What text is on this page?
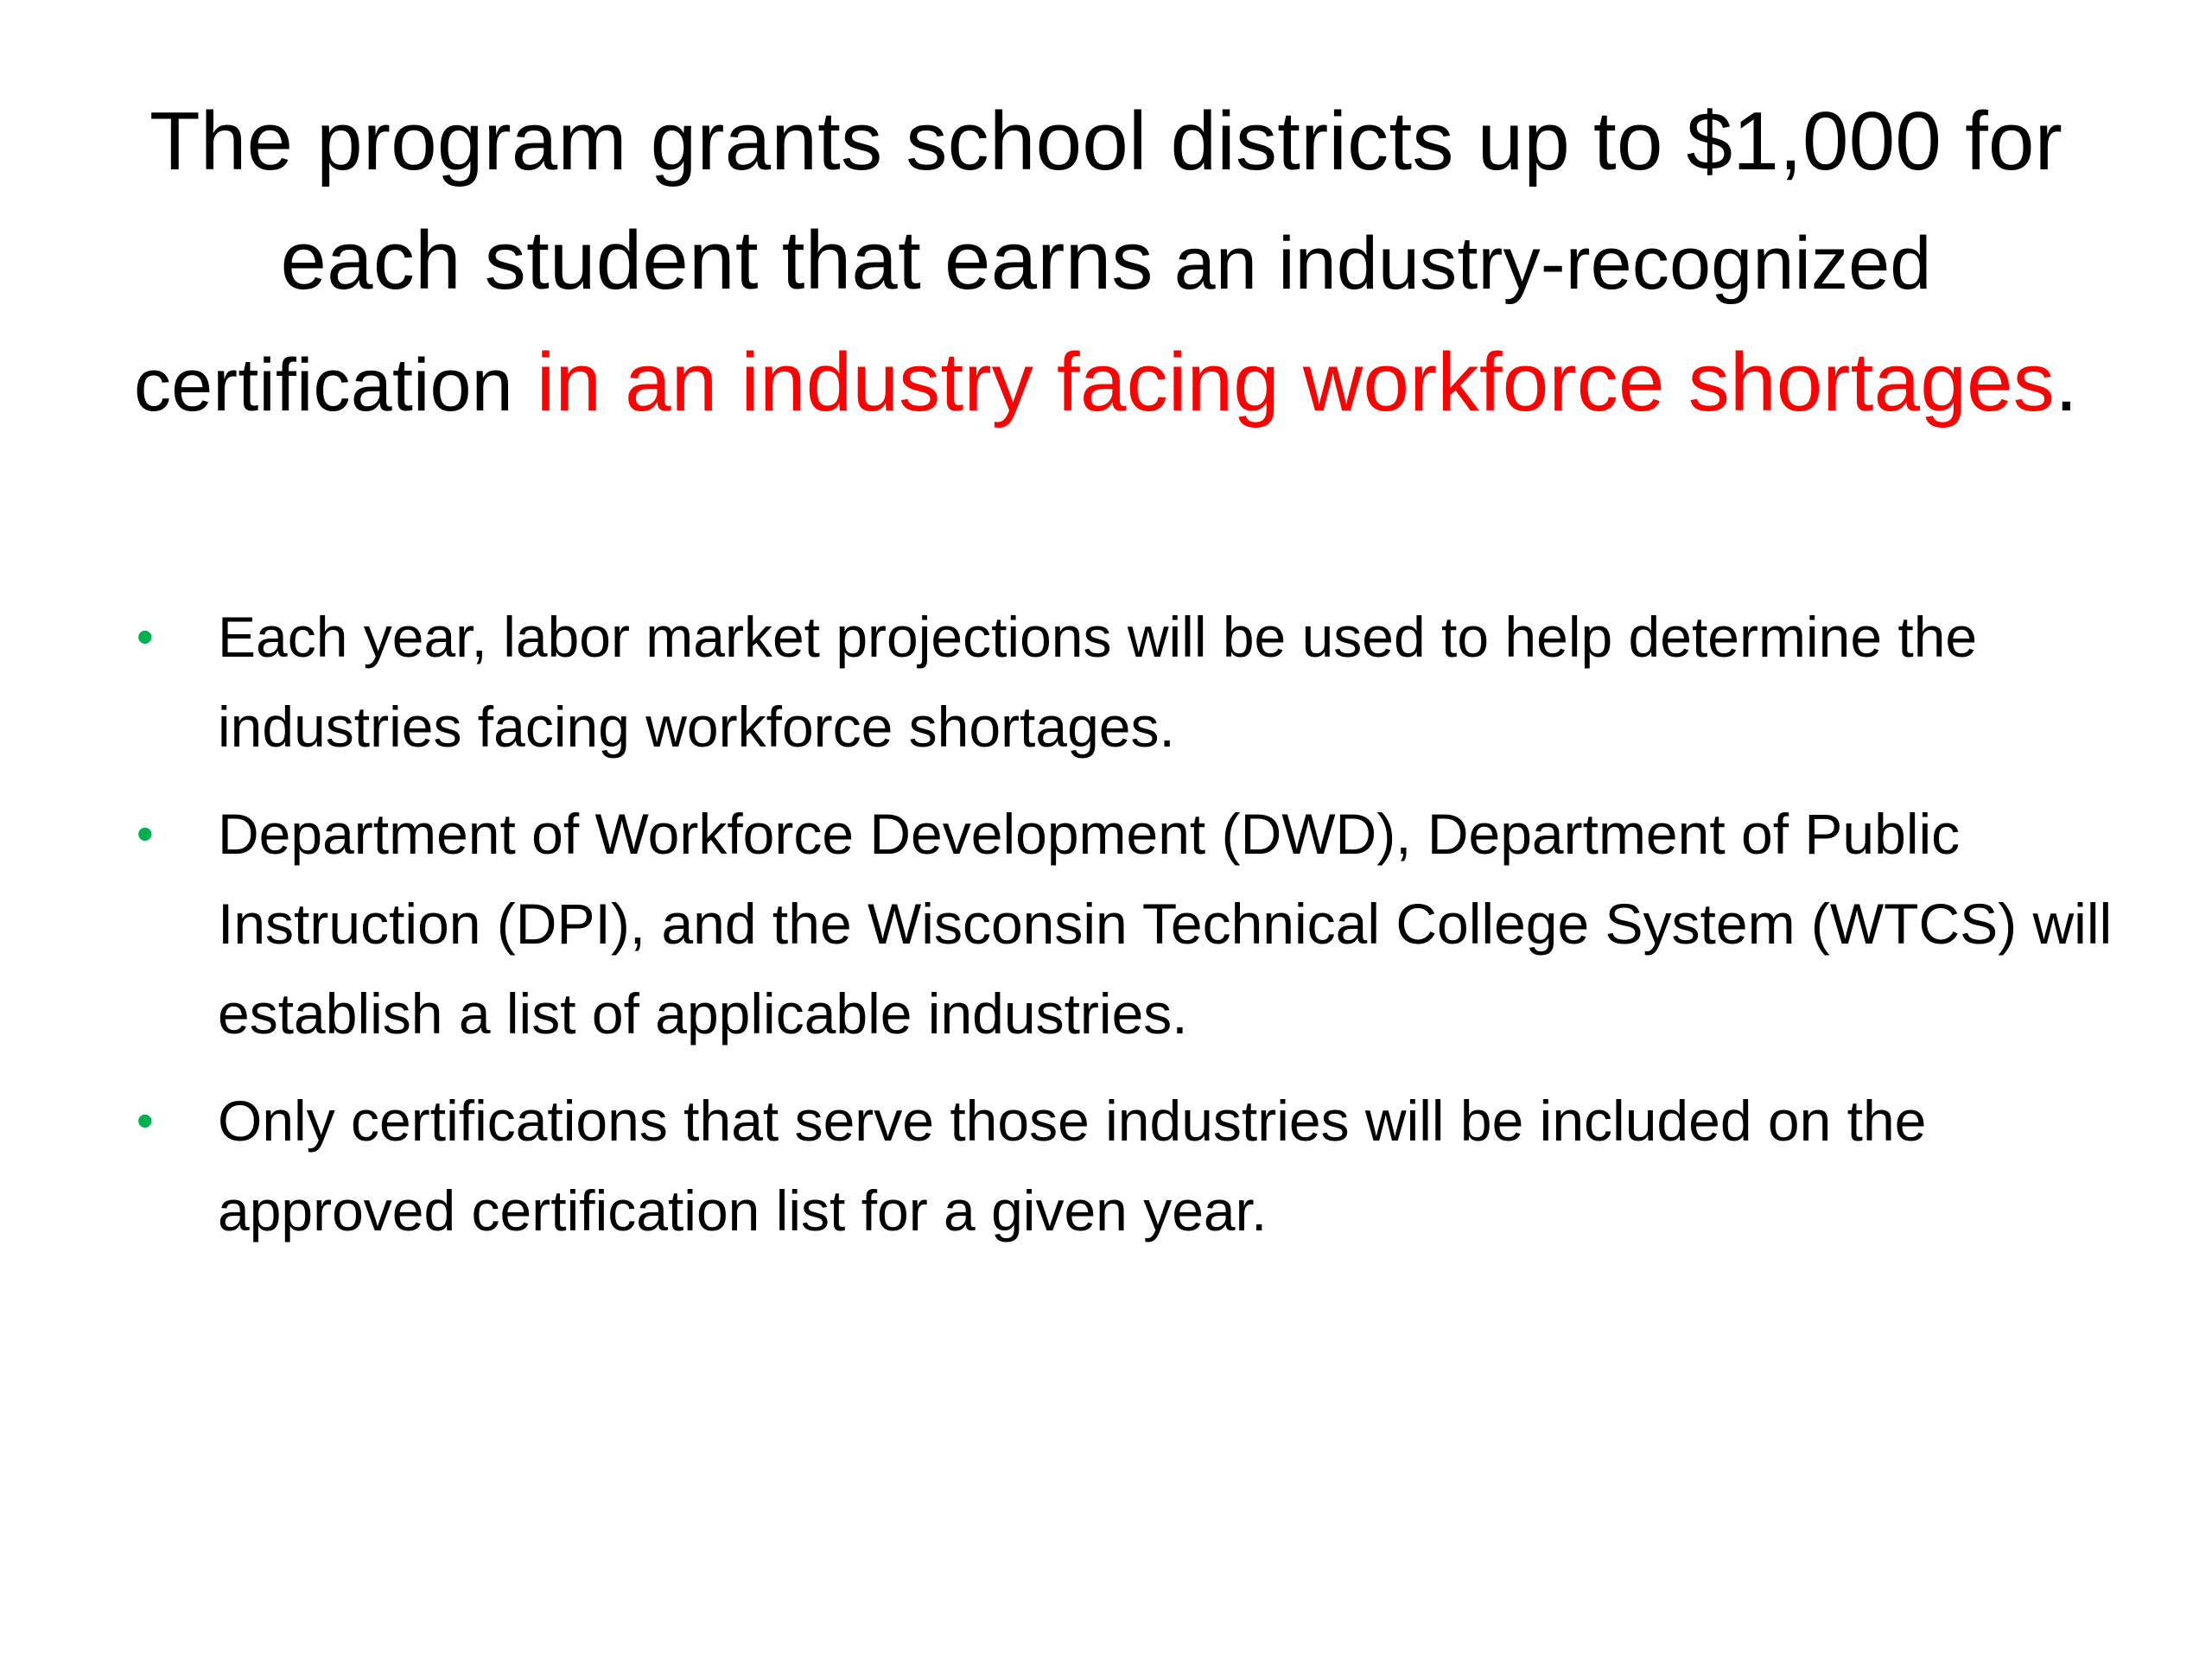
The program grants school districts up to $1,000 for each student that earns an industry-recognized certification in an industry facing workforce shortages.
• Each year, labor market projections will be used to help determine the industries facing workforce shortages.
• Department of Workforce Development (DWD), Department of Public Instruction (DPI), and the Wisconsin Technical College System (WTCS) will establish a list of applicable industries.
• Only certifications that serve those industries will be included on the approved certification list for a given year.
